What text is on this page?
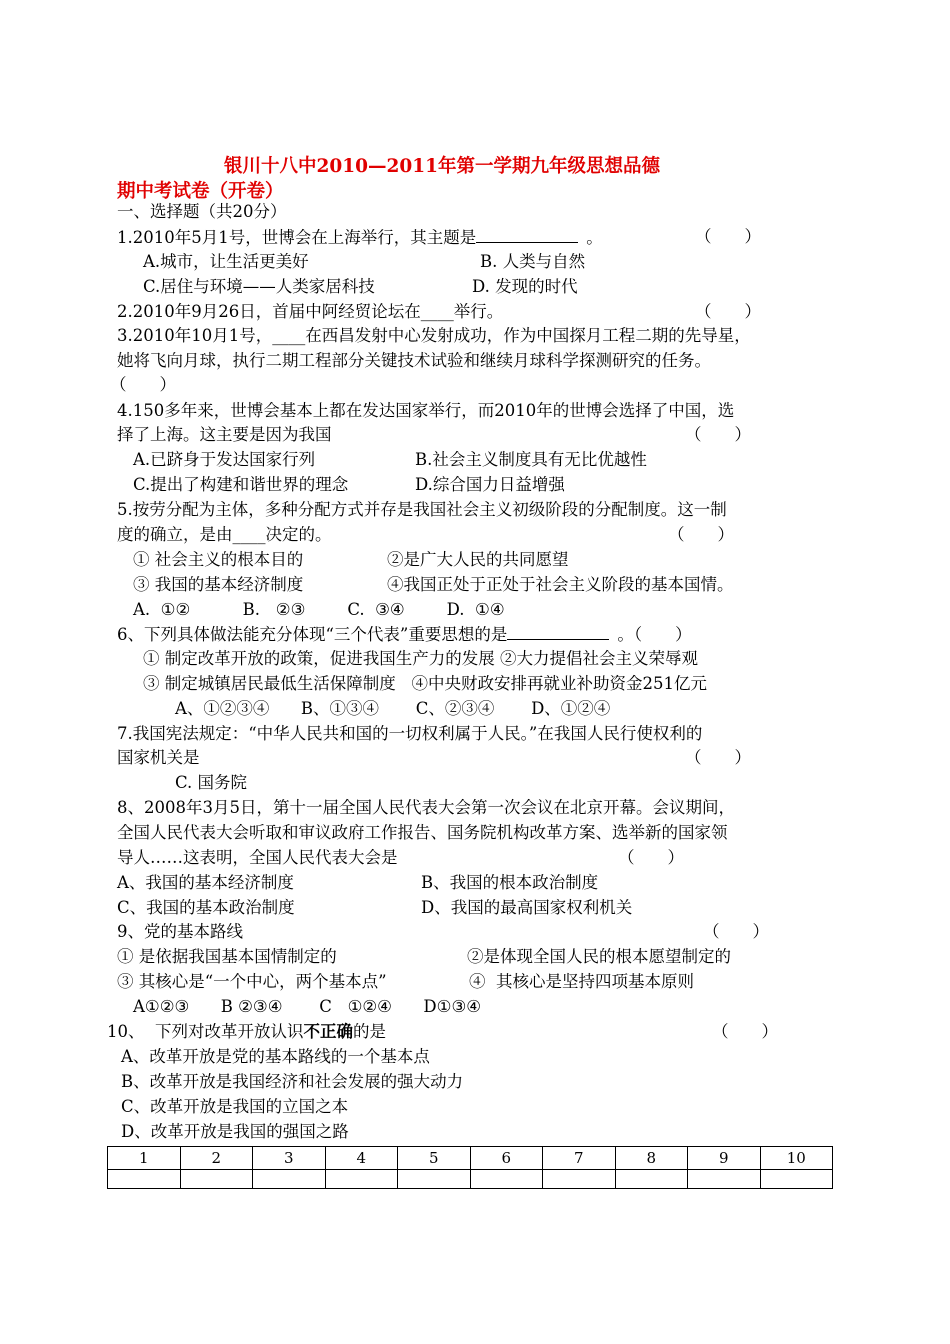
银川十八中2010—2011年第一学期九年级思想品德
期中考试卷（开卷）
一、选择题（共20分）
1.2010年5月1号，世博会在上海举行，其主题是	。	（　　）
A.城市，让生活更美好	B. 人类与自然
C.居住与环境——人类家居科技	D. 发现的时代
2.2010年9月26日，首届中阿经贸论坛在____举行。	（　　）
3.2010年10月1号，____在西昌发射中心发射成功，作为中国探月工程二期的先导星，
她将飞向月球，执行二期工程部分关键技术试验和继续月球科学探测研究的任务。
（　　）
4.150多年来，世博会基本上都在发达国家举行，而2010年的世博会选择了中国，选
择了上海。这主要是因为我国	（　　）
A.已跻身于发达国家行列	B.社会主义制度具有无比优越性
C.提出了构建和谐世界的理念	D.综合国力日益增强
5.按劳分配为主体，多种分配方式并存是我国社会主义初级阶段的分配制度。这一制
度的确立，是由____决定的。	（　　）
① 社会主义的根本目的	②是广大人民的共同愿望
③ 我国的基本经济制度	④我国正处于正处于社会主义阶段的基本国情。
A.  ①②          B.   ②③        C.  ③④        D.  ①④
6、下列具体做法能充分体现“三个代表”重要思想的是	。（　　）
① 制定改革开放的政策，促进我国生产力的发展 ②大力提倡社会主义荣辱观
③ 制定城镇居民最低生活保障制度   ④中央财政安排再就业补助资金251亿元
A、①②③④      B、①③④       C、②③④       D、①②④
7.我国宪法规定：“中华人民共和国的一切权利属于人民。”在我国人民行使权利的
国家机关是	（　　）
C. 国务院
8、2008年3月5日，第十一届全国人民代表大会第一次会议在北京开幕。会议期间，
全国人民代表大会听取和审议政府工作报告、国务院机构改革方案、选举新的国家领
导人……这表明，全国人民代表大会是	（　　）
A、我国的基本经济制度	B、我国的根本政治制度
C、我国的基本政治制度	D、我国的最高国家权利机关
9、党的基本路线	（　　）
① 是依据我国基本国情制定的	②是体现全国人民的根本愿望制定的
③ 其核心是“一个中心，两个基本点”	④  其核心是坚持四项基本原则
A①②③      B ②③④       C   ①②④      D①③④
10、  下列对改革开放认识不正确的是	（　　）
A、改革开放是党的基本路线的一个基本点
B、改革开放是我国经济和社会发展的强大动力
C、改革开放是我国的立国之本
D、改革开放是我国的强国之路
1	2	3	4	5	6	7	8	9	10
